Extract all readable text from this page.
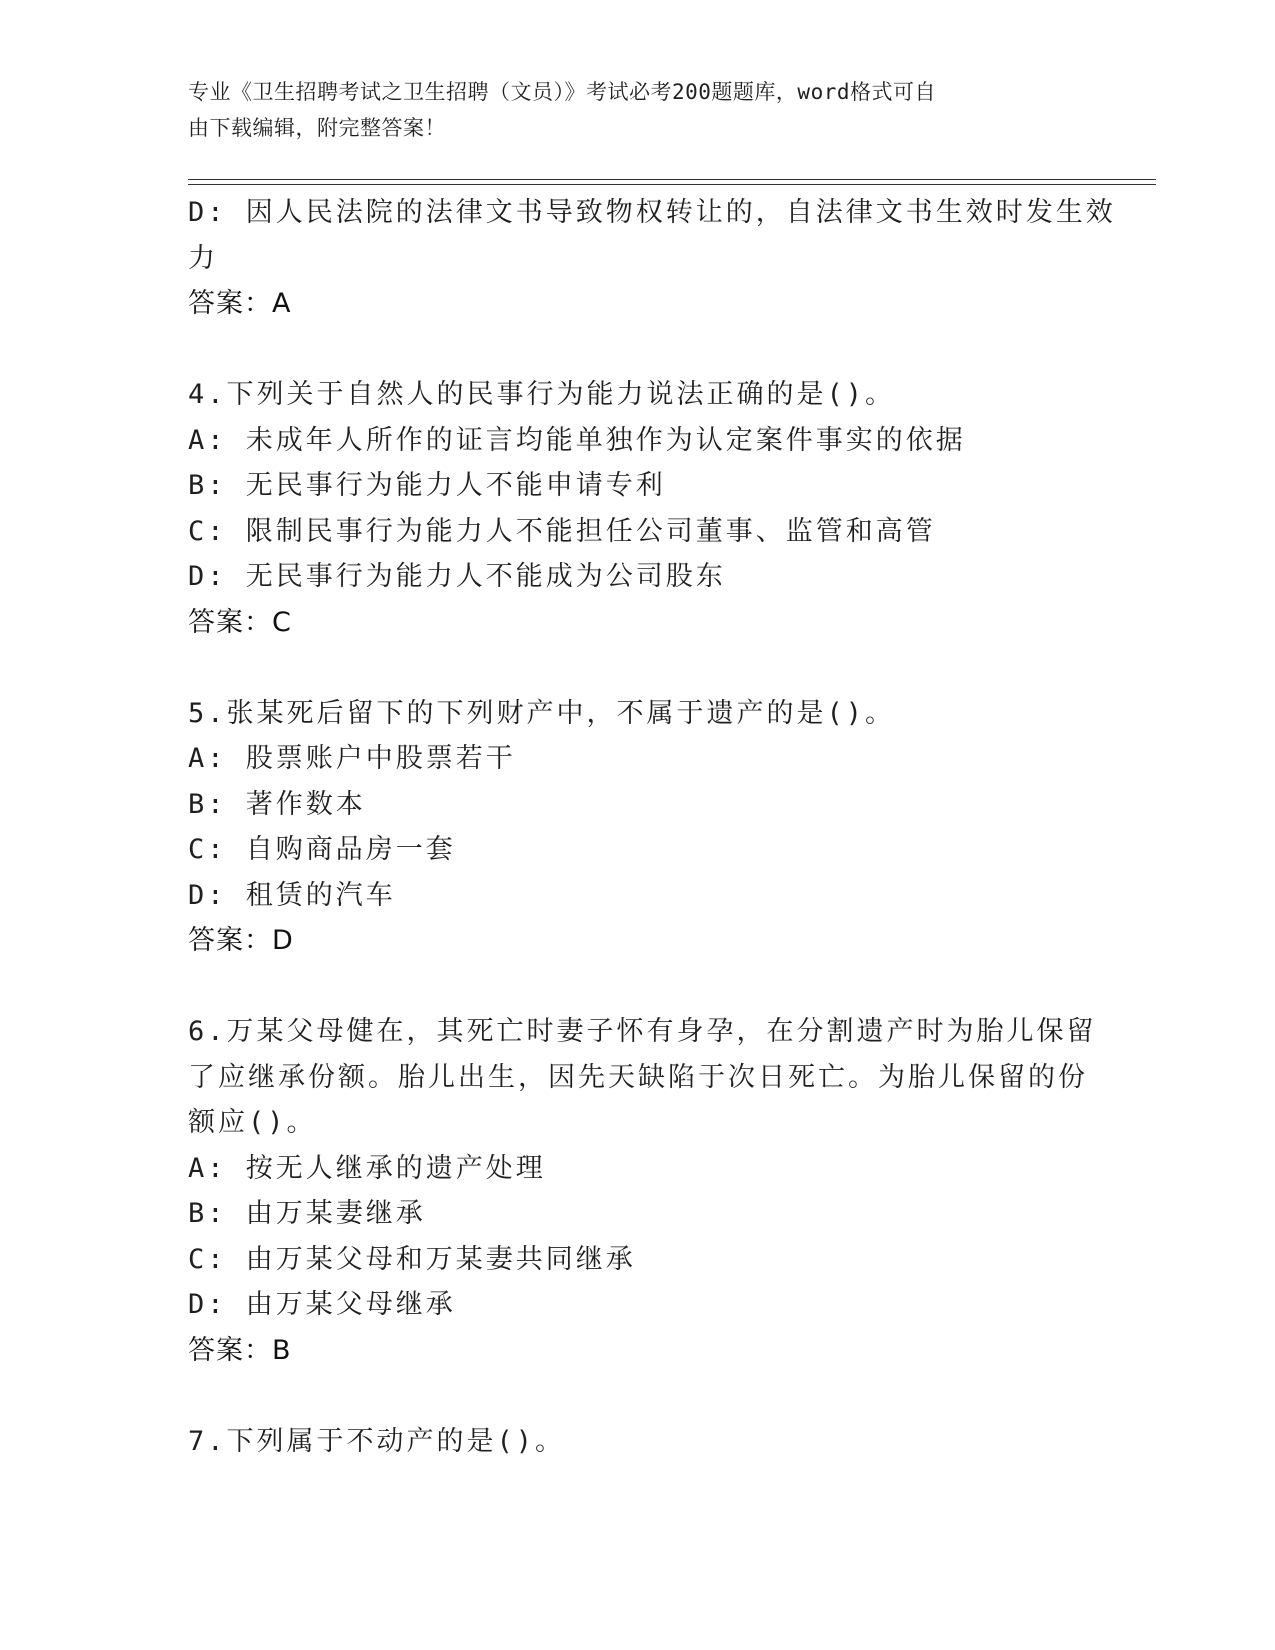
专业《卫生招聘考试之卫生招聘（文员）》考试必考200题题库，word格式可自
由下载编辑，附完整答案！
D: 因人民法院的法律文书导致物权转让的，自法律文书生效时发生效
力
答案：A
4.下列关于自然人的民事行为能力说法正确的是()。
A: 未成年人所作的证言均能单独作为认定案件事实的依据
B: 无民事行为能力人不能申请专利
C: 限制民事行为能力人不能担任公司董事、监管和高管
D: 无民事行为能力人不能成为公司股东
答案：C
5.张某死后留下的下列财产中，不属于遗产的是()。
A: 股票账户中股票若干
B: 著作数本
C: 自购商品房一套
D: 租赁的汽车
答案：D
6.万某父母健在，其死亡时妻子怀有身孕，在分割遗产时为胎儿保留
了应继承份额。胎儿出生，因先天缺陷于次日死亡。为胎儿保留的份
额应()。
A: 按无人继承的遗产处理
B: 由万某妻继承
C: 由万某父母和万某妻共同继承
D: 由万某父母继承
答案：B
7.下列属于不动产的是()。
